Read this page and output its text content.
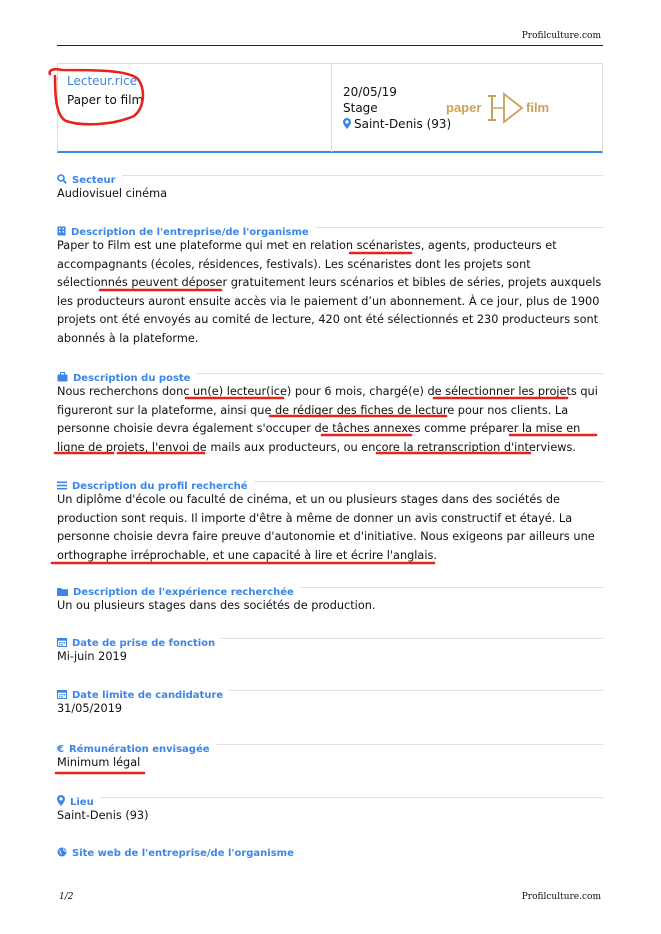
Profilculture.com
Lecteur.rice
Paper to film
20/05/19
Stage
Saint-Denis (93)
paper	film
Secteur
Audiovisuel cinéma
Description de l'entreprise/de l'organisme
Paper to Film est une plateforme qui met en relation scénaristes, agents, producteurs et accompagnants (écoles, résidences, festivals). Les scénaristes dont les projets sont sélectionnés peuvent déposer gratuitement leurs scénarios et bibles de séries, projets auxquels les producteurs auront ensuite accès via le paiement d’un abonnement. À ce jour, plus de 1900 projets ont été envoyés au comité de lecture, 420 ont été sélectionnés et 230 producteurs sont abonnés à la plateforme.
Description du poste
Nous recherchons donc un(e) lecteur(ice) pour 6 mois, chargé(e) de sélectionner les projets qui figureront sur la plateforme, ainsi que de rédiger des fiches de lecture pour nos clients. La personne choisie devra également s'occuper de tâches annexes comme préparer la mise en ligne de projets, l'envoi de mails aux producteurs, ou encore la retranscription d'interviews.
Description du profil recherché
Un diplôme d'école ou faculté de cinéma, et un ou plusieurs stages dans des sociétés de production sont requis. Il importe d'être à même de donner un avis constructif et étayé. La personne choisie devra faire preuve d'autonomie et d'initiative. Nous exigeons par ailleurs une orthographe irréprochable, et une capacité à lire et écrire l'anglais.
Description de l'expérience recherchée
Un ou plusieurs stages dans des sociétés de production.
Date de prise de fonction
Mi-juin 2019
Date limite de candidature
31/05/2019
€ Rémunération envisagée
Minimum légal
Lieu
Saint-Denis (93)
Site web de l'entreprise/de l'organisme
1/2	Profilculture.com
